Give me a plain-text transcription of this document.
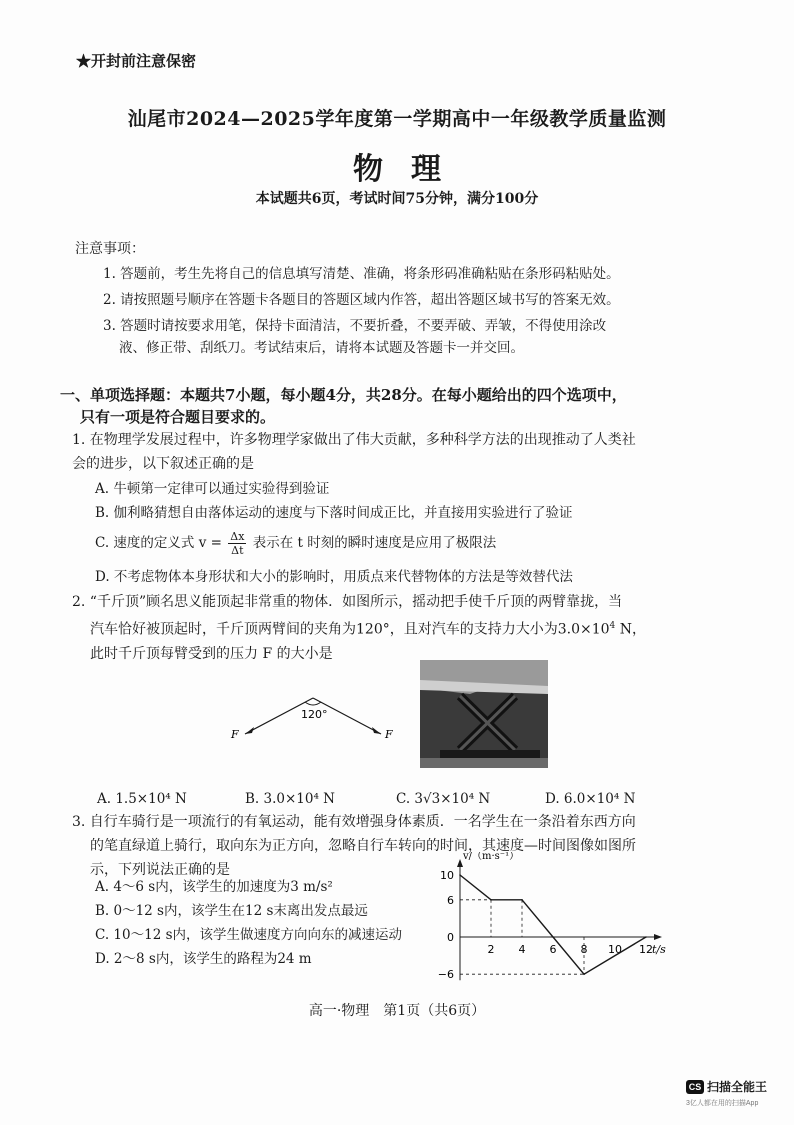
★开封前注意保密
汕尾市2024—2025学年度第一学期高中一年级教学质量监测
物理
本试题共6页，考试时间75分钟，满分100分
注意事项：
1. 答题前，考生先将自己的信息填写清楚、准确，将条形码准确粘贴在条形码粘贴处。
2. 请按照题号顺序在答题卡各题目的答题区域内作答，超出答题区域书写的答案无效。
3. 答题时请按要求用笔，保持卡面清洁，不要折叠，不要弄破、弄皱，不得使用涂改
液、修正带、刮纸刀。考试结束后，请将本试题及答题卡一并交回。
一、单项选择题：本题共7小题，每小题4分，共28分。在每小题给出的四个选项中，
只有一项是符合题目要求的。
1. 在物理学发展过程中，许多物理学家做出了伟大贡献，多种科学方法的出现推动了人类社
会的进步，以下叙述正确的是
A. 牛顿第一定律可以通过实验得到验证
B. 伽利略猜想自由落体运动的速度与下落时间成正比，并直接用实验进行了验证
C. 速度的定义式 $v = \frac{\Delta x}{\Delta t}$ 表示在 t 时刻的瞬时速度是应用了极限法
D. 不考虑物体本身形状和大小的影响时，用质点来代替物体的方法是等效替代法
2. “千斤顶”顾名思义能顶起非常重的物体．如图所示，摇动把手使千斤顶的两臂靠拢，当
汽车恰好被顶起时，千斤顶两臂间的夹角为120°，且对汽车的支持力大小为$3.0\times 10^4$ N，
此时千斤顶每臂受到的压力 F 的大小是
120°
F	F
A. 1.5×10⁴ N	B. 3.0×10⁴ N	C. 3√3×10⁴ N	D. 6.0×10⁴ N
3. 自行车骑行是一项流行的有氧运动，能有效增强身体素质．一名学生在一条沿着东西方向
的笔直绿道上骑行，取向东为正方向，忽略自行车转向的时间，其速度—时间图像如图所
示，下列说法正确的是
A. 4～6 s内，该学生的加速度为3 m/s²
B. 0～12 s内，该学生在12 s末离出发点最远
C. 10～12 s内，该学生做速度方向向东的减速运动
D. 2～8 s内，该学生的路程为24 m
v/（m·s⁻¹）
t/s
10
6
0
−6
2 4 6 8 10 12
高一·物理　第1页（共6页）
CS 扫描全能王
3亿人都在用的扫描App
